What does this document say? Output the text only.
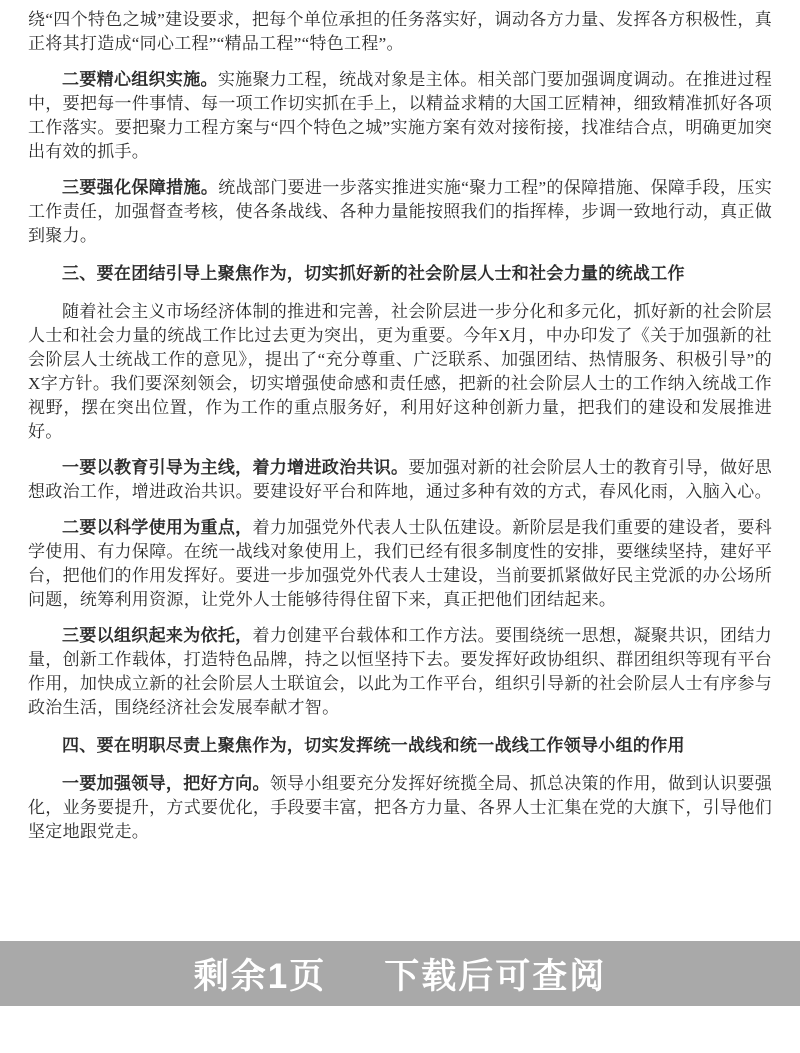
绕“四个特色之城”建设要求，把每个单位承担的任务落实好，调动各方力量、发挥各方积极性，真正将其打造成“同心工程”“精品工程”“特色工程”。

二要精心组织实施。实施聚力工程，统战对象是主体。相关部门要加强调度调动。在推进过程中，要把每一件事情、每一项工作切实抓在手上，以精益求精的大国工匠精神，细致精准抓好各项工作落实。要把聚力工程方案与“四个特色之城”实施方案有效对接衔接，找准结合点，明确更加突出有效的抓手。

三要强化保障措施。统战部门要进一步落实推进实施“聚力工程”的保障措施、保障手段，压实工作责任，加强督查考核，使各条战线、各种力量能按照我们的指挥棒，步调一致地行动，真正做到聚力。

三、要在团结引导上聚焦作为，切实抓好新的社会阶层人士和社会力量的统战工作

随着社会主义市场经济体制的推进和完善，社会阶层进一步分化和多元化，抓好新的社会阶层人士和社会力量的统战工作比过去更为突出，更为重要。今年X月，中办印发了《关于加强新的社会阶层人士统战工作的意见》，提出了“充分尊重、广泛联系、加强团结、热情服务、积极引导”的X字方针。我们要深刻领会，切实增强使命感和责任感，把新的社会阶层人士的工作纳入统战工作视野，摆在突出位置，作为工作的重点服务好，利用好这种创新力量，把我们的建设和发展推进好。

一要以教育引导为主线，着力增进政治共识。要加强对新的社会阶层人士的教育引导，做好思想政治工作，增进政治共识。要建设好平台和阵地，通过多种有效的方式，春风化雨，入脑入心。

二要以科学使用为重点，着力加强党外代表人士队伍建设。新阶层是我们重要的建设者，要科学使用、有力保障。在统一战线对象使用上，我们已经有很多制度性的安排，要继续坚持，建好平台，把他们的作用发挥好。要进一步加强党外代表人士建设，当前要抓紧做好民主党派的办公场所问题，统筹利用资源，让党外人士能够待得住留下来，真正把他们团结起来。

三要以组织起来为依托，着力创建平台载体和工作方法。要围绕统一思想，凝聚共识，团结力量，创新工作载体，打造特色品牌，持之以恒坚持下去。要发挥好政协组织、群团组织等现有平台作用，加快成立新的社会阶层人士联谊会，以此为工作平台，组织引导新的社会阶层人士有序参与政治生活，围绕经济社会发展奉献才智。

四、要在明职尽责上聚焦作为，切实发挥统一战线和统一战线工作领导小组的作用

一要加强领导，把好方向。领导小组要充分发挥好统揽全局、抓总决策的作用，做到认识要强化，业务要提升，方式要优化，手段要丰富，把各方力量、各界人士汇集在党的大旗下，引导他们坚定地跟党走。

剩余1页 下载后可查阅
